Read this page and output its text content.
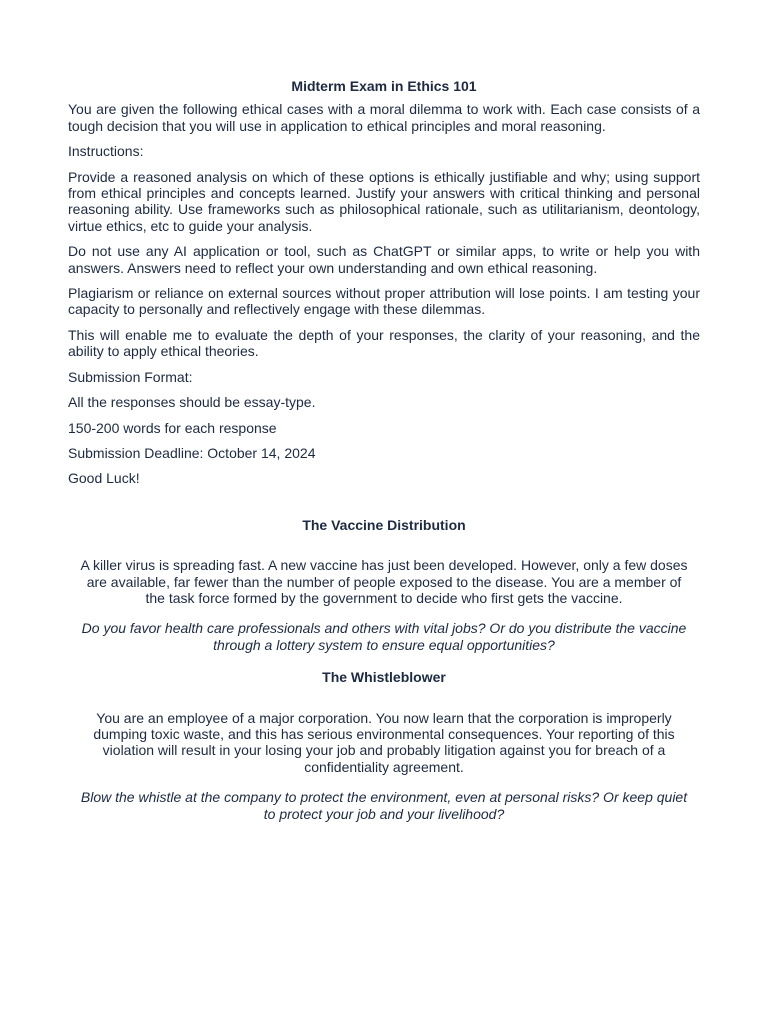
Midterm Exam in Ethics 101

You are given the following ethical cases with a moral dilemma to work with. Each case consists of a tough decision that you will use in application to ethical principles and moral reasoning.

Instructions:

Provide a reasoned analysis on which of these options is ethically justifiable and why; using support from ethical principles and concepts learned. Justify your answers with critical thinking and personal reasoning ability. Use frameworks such as philosophical rationale, such as utilitarianism, deontology, virtue ethics, etc to guide your analysis.

Do not use any AI application or tool, such as ChatGPT or similar apps, to write or help you with answers. Answers need to reflect your own understanding and own ethical reasoning.

Plagiarism or reliance on external sources without proper attribution will lose points. I am testing your capacity to personally and reflectively engage with these dilemmas.

This will enable me to evaluate the depth of your responses, the clarity of your reasoning, and the ability to apply ethical theories.

Submission Format:

All the responses should be essay-type.

150-200 words for each response

Submission Deadline: October 14, 2024

Good Luck!

The Vaccine Distribution
A killer virus is spreading fast. A new vaccine has just been developed. However, only a few doses are available, far fewer than the number of people exposed to the disease. You are a member of the task force formed by the government to decide who first gets the vaccine.
Do you favor health care professionals and others with vital jobs? Or do you distribute the vaccine through a lottery system to ensure equal opportunities?
The Whistleblower
You are an employee of a major corporation. You now learn that the corporation is improperly dumping toxic waste, and this has serious environmental consequences. Your reporting of this violation will result in your losing your job and probably litigation against you for breach of a confidentiality agreement.
Blow the whistle at the company to protect the environment, even at personal risks? Or keep quiet to protect your job and your livelihood?
